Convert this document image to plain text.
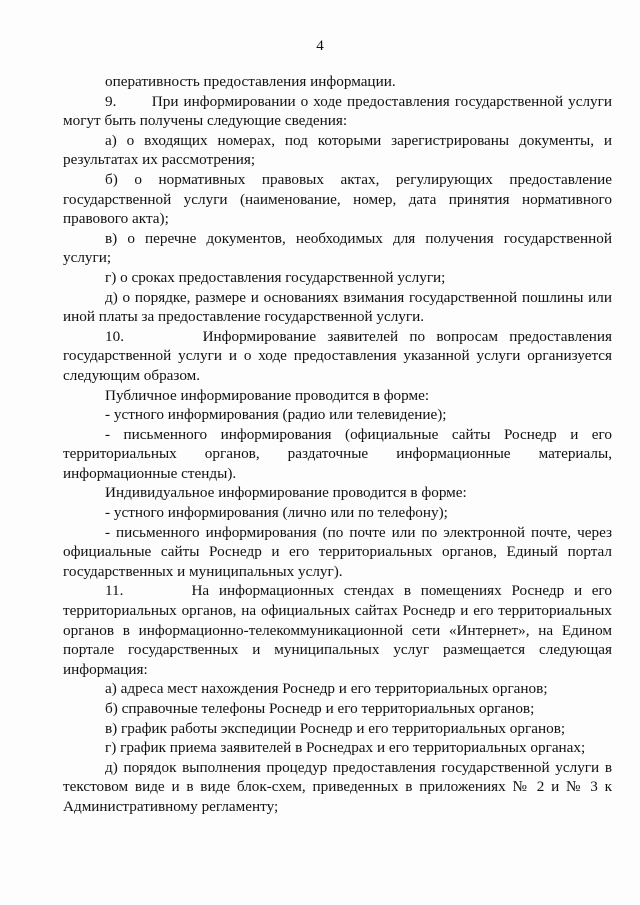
4

оперативность предоставления информации.

9.       При информировании о ходе предоставления государственной услуги могут быть получены следующие сведения:

а) о входящих номерах, под которыми зарегистрированы документы, и результатах их рассмотрения;

б) о нормативных правовых актах, регулирующих предоставление государственной услуги (наименование, номер, дата принятия нормативного правового акта);

в) о перечне документов, необходимых для получения государственной услуги;

г) о сроках предоставления государственной услуги;

д) о порядке, размере и основаниях взимания государственной пошлины или иной платы за предоставление государственной услуги.

10.       Информирование заявителей по вопросам предоставления государственной услуги и о ходе предоставления указанной услуги организуется следующим образом.

Публичное информирование проводится в форме:

- устного информирования (радио или телевидение);

- письменного информирования (официальные сайты Роснедр и его территориальных органов, раздаточные информационные материалы, информационные стенды).

Индивидуальное информирование проводится в форме:

- устного информирования (лично или по телефону);

- письменного информирования (по почте или по электронной почте, через официальные сайты Роснедр и его территориальных органов, Единый портал государственных и муниципальных услуг).

11.       На информационных стендах в помещениях Роснедр и его территориальных органов, на официальных сайтах Роснедр и его территориальных органов в информационно-телекоммуникационной сети «Интернет», на Едином портале государственных и муниципальных услуг размещается следующая информация:

а) адреса мест нахождения Роснедр и его территориальных органов;

б) справочные телефоны Роснедр и его территориальных органов;

в) график работы экспедиции Роснедр и его территориальных органов;

г) график приема заявителей в Роснедрах и его территориальных органах;

д) порядок выполнения процедур предоставления государственной услуги в текстовом виде и в виде блок-схем, приведенных в приложениях № 2 и № 3 к Административному регламенту;
